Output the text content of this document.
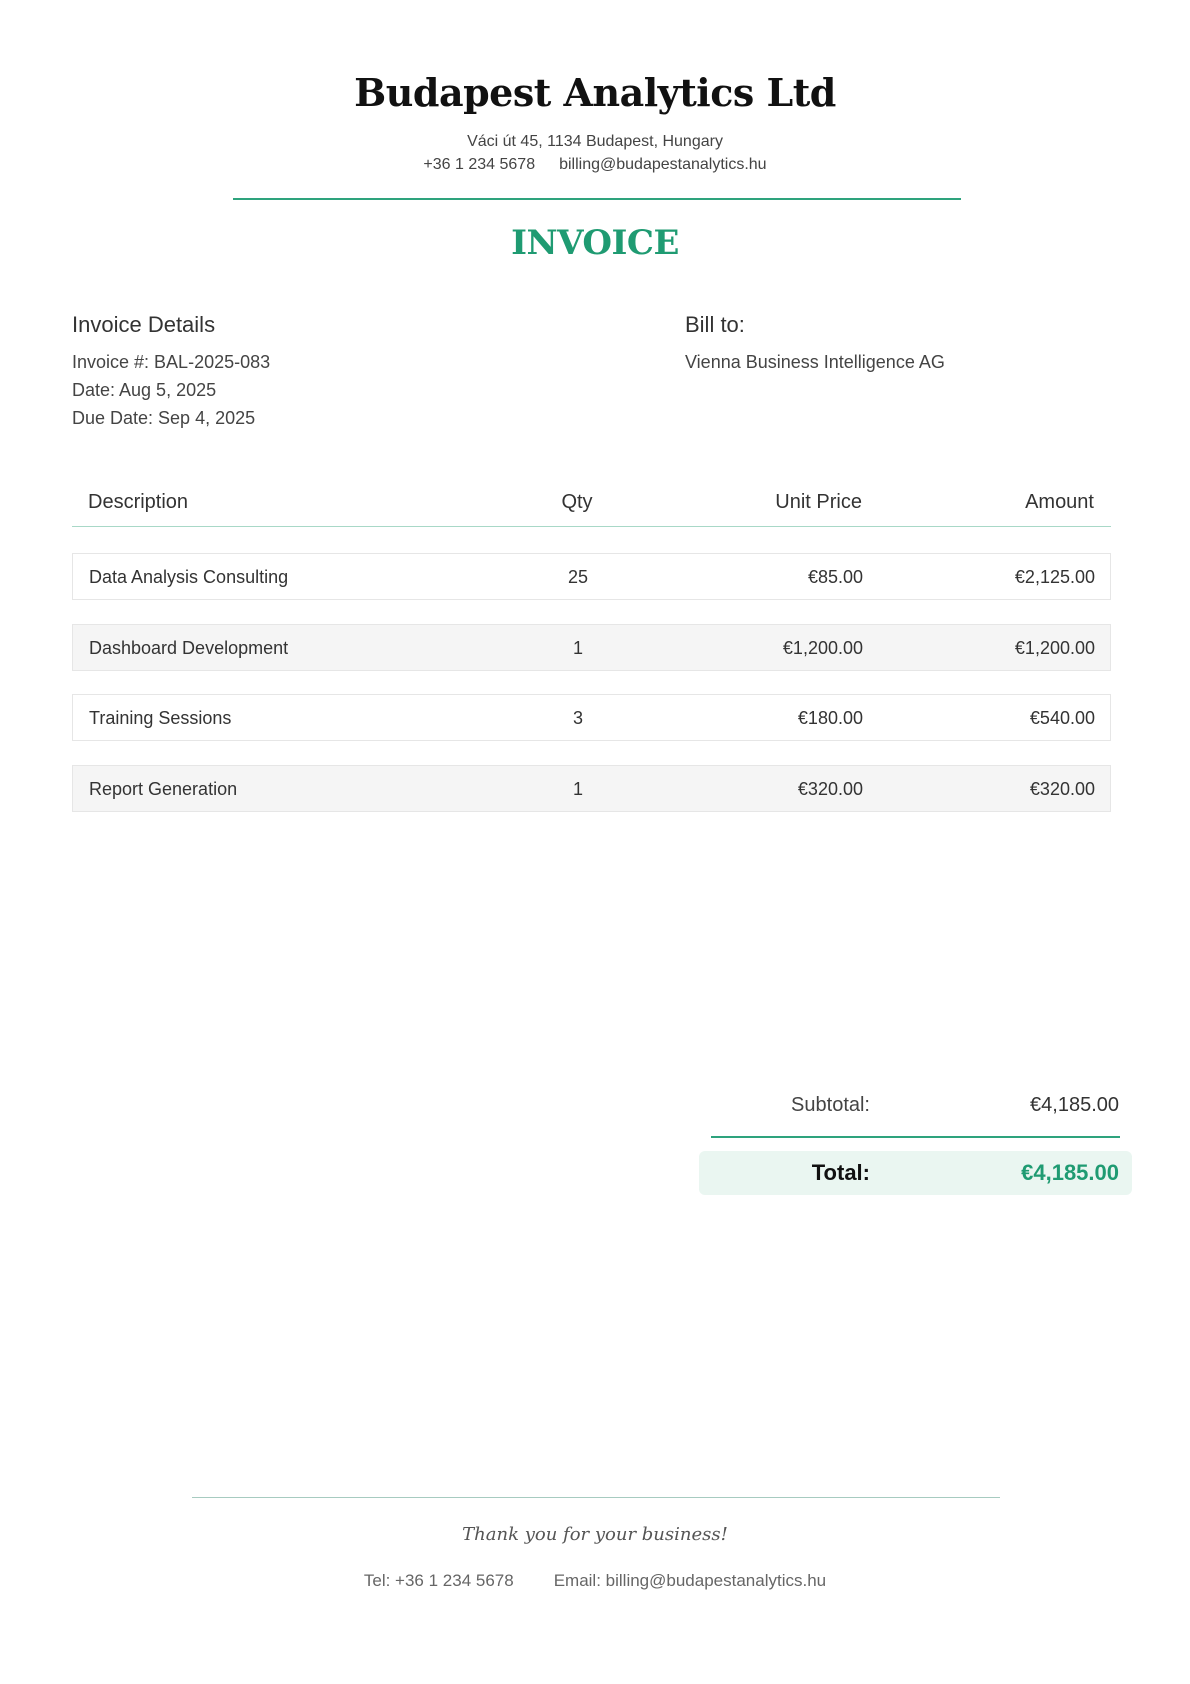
Budapest Analytics Ltd
Váci út 45, 1134 Budapest, Hungary
+36 1 234 5678 billing@budapestanalytics.hu
INVOICE
Invoice Details
Invoice #: BAL-2025-083
Date: Aug 5, 2025
Due Date: Sep 4, 2025
Bill to:
Vienna Business Intelligence AG
Description	Qty	Unit Price	Amount
Data Analysis Consulting	25	€85.00	€2,125.00
Dashboard Development	1	€1,200.00	€1,200.00
Training Sessions	3	€180.00	€540.00
Report Generation	1	€320.00	€320.00
Subtotal:	€4,185.00
Total:	€4,185.00
Thank you for your business!
Tel: +36 1 234 5678 Email: billing@budapestanalytics.hu
